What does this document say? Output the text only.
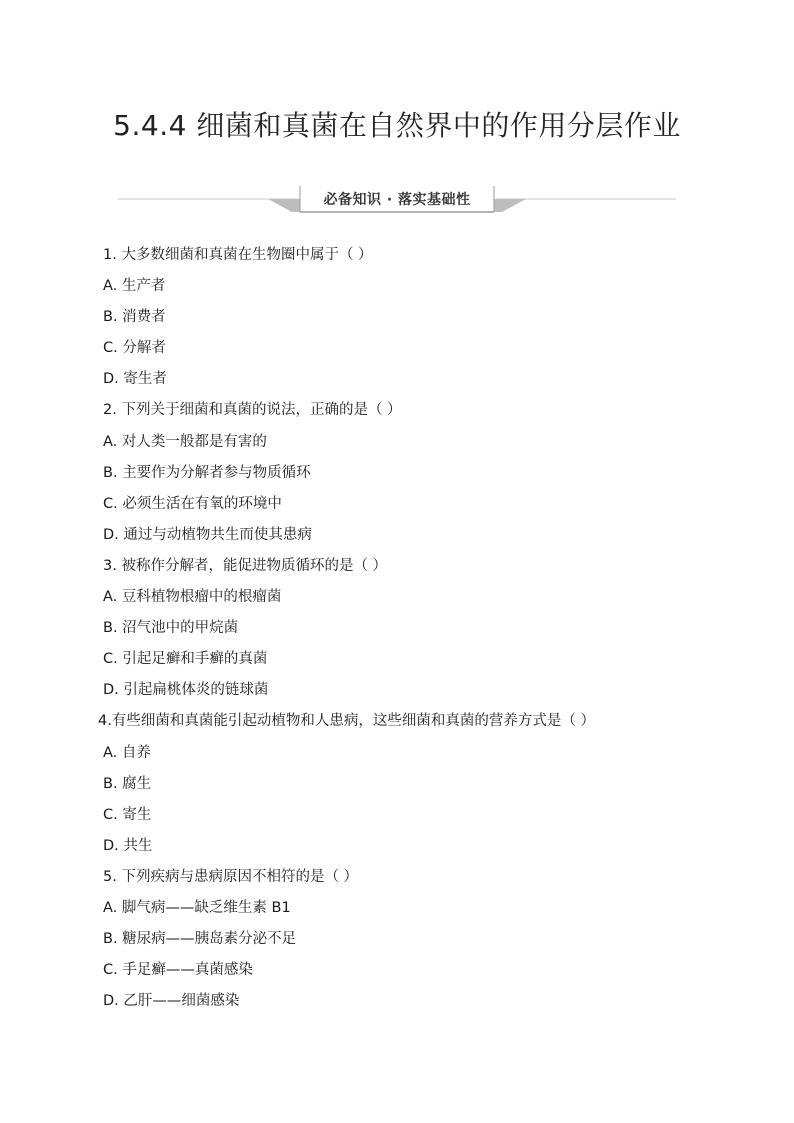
5.4.4 细菌和真菌在自然界中的作用分层作业
必备知识 · 落实基础性
1. 大多数细菌和真菌在生物圈中属于（ ）
A. 生产者
B. 消费者
C. 分解者
D. 寄生者
2. 下列关于细菌和真菌的说法，正确的是（ ）
A. 对人类一般都是有害的
B. 主要作为分解者参与物质循环
C. 必须生活在有氧的环境中
D. 通过与动植物共生而使其患病
3. 被称作分解者，能促进物质循环的是（ ）
A. 豆科植物根瘤中的根瘤菌
B. 沼气池中的甲烷菌
C. 引起足癣和手癣的真菌
D. 引起扁桃体炎的链球菌
4.有些细菌和真菌能引起动植物和人患病，这些细菌和真菌的营养方式是（ ）
A. 自养
B. 腐生
C. 寄生
D. 共生
5. 下列疾病与患病原因不相符的是（ ）
A. 脚气病——缺乏维生素 B1
B. 糖尿病——胰岛素分泌不足
C. 手足癣——真菌感染
D. 乙肝——细菌感染
